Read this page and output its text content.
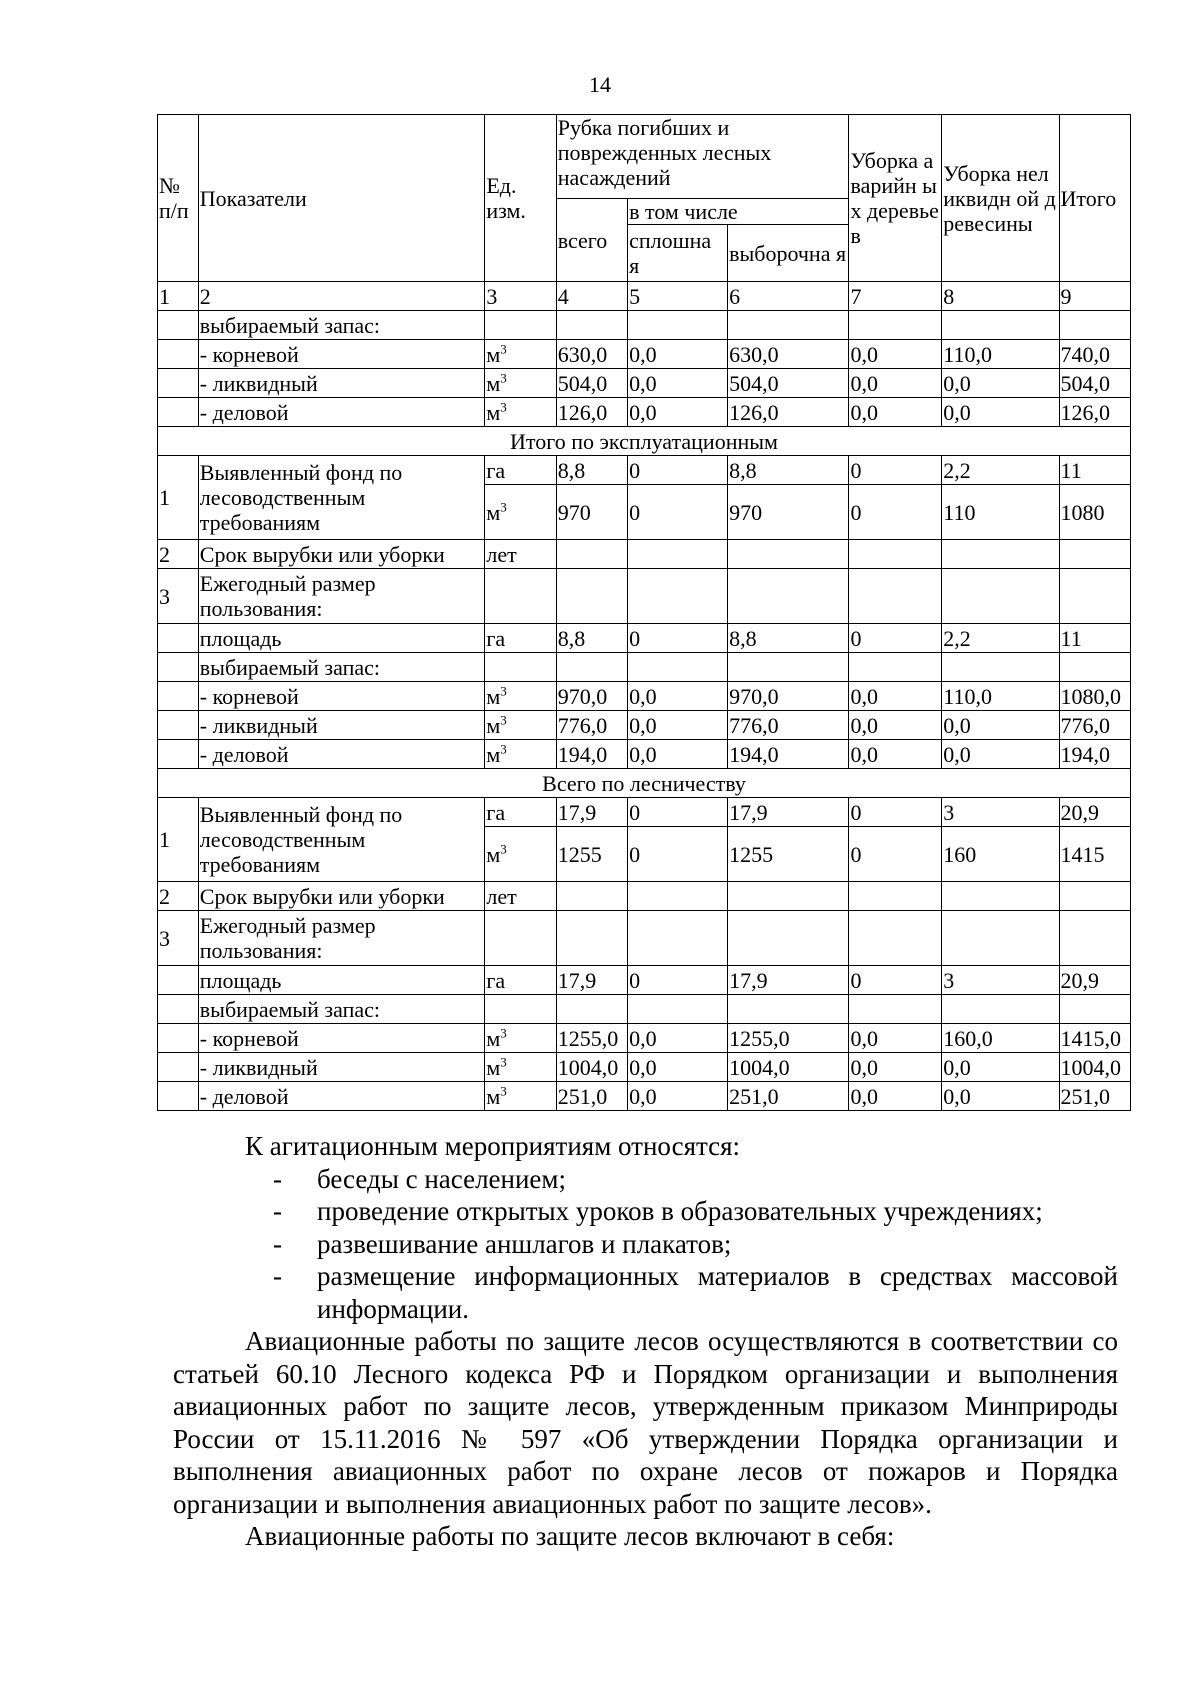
14
№ п/п	Показатели	Ед. изм.	Рубка погибших и поврежденных лесных насаждений			Уборка аварийн ых деревьев	Уборка неликвидн ой древесины	Итого
			всего	в том числе				
				сплошна я	выборочна я			
1	2	3	4	5	6	7	8	9
	выбираемый запас:							
	- корневой	$м^3$	630,0	0,0	630,0	0,0	110,0	740,0
	- ликвидный	$м^3$	504,0	0,0	504,0	0,0	0,0	504,0
	- деловой	$м^3$	126,0	0,0	126,0	0,0	0,0	126,0
Итого по эксплуатационным								
1	Выявленный фонд по лесоводственным требованиям	га	8,8	0	8,8	0	2,2	11
		$м^3$	970	0	970	0	110	1080
2	Срок вырубки или уборки	лет						
3	Ежегодный размер пользования:							
	площадь	га	8,8	0	8,8	0	2,2	11
	выбираемый запас:							
	- корневой	$м^3$	970,0	0,0	970,0	0,0	110,0	1080,0
	- ликвидный	$м^3$	776,0	0,0	776,0	0,0	0,0	776,0
	- деловой	$м^3$	194,0	0,0	194,0	0,0	0,0	194,0
Всего по лесничеству								
1	Выявленный фонд по лесоводственным требованиям	га	17,9	0	17,9	0	3	20,9
		$м^3$	1255	0	1255	0	160	1415
2	Срок вырубки или уборки	лет						
3	Ежегодный размер пользования:							
	площадь	га	17,9	0	17,9	0	3	20,9
	выбираемый запас:							
	- корневой	$м^3$	1255,0	0,0	1255,0	0,0	160,0	1415,0
	- ликвидный	$м^3$	1004,0	0,0	1004,0	0,0	0,0	1004,0
	- деловой	$м^3$	251,0	0,0	251,0	0,0	0,0	251,0

К агитационным мероприятиям относятся:

- беседы с населением;
- проведение открытых уроков в образовательных учреждениях;
- развешивание аншлагов и плакатов;
- размещение информационных материалов в средствах массовой информации.

Авиационные работы по защите лесов осуществляются в соответствии со статьей 60.10 Лесного кодекса РФ и Порядком организации и выполнения авиационных работ по защите лесов, утвержденным приказом Минприроды России от 15.11.2016 № 597 «Об утверждении Порядка организации и выполнения авиационных работ по охране лесов от пожаров и Порядка организации и выполнения авиационных работ по защите лесов».

Авиационные работы по защите лесов включают в себя:
